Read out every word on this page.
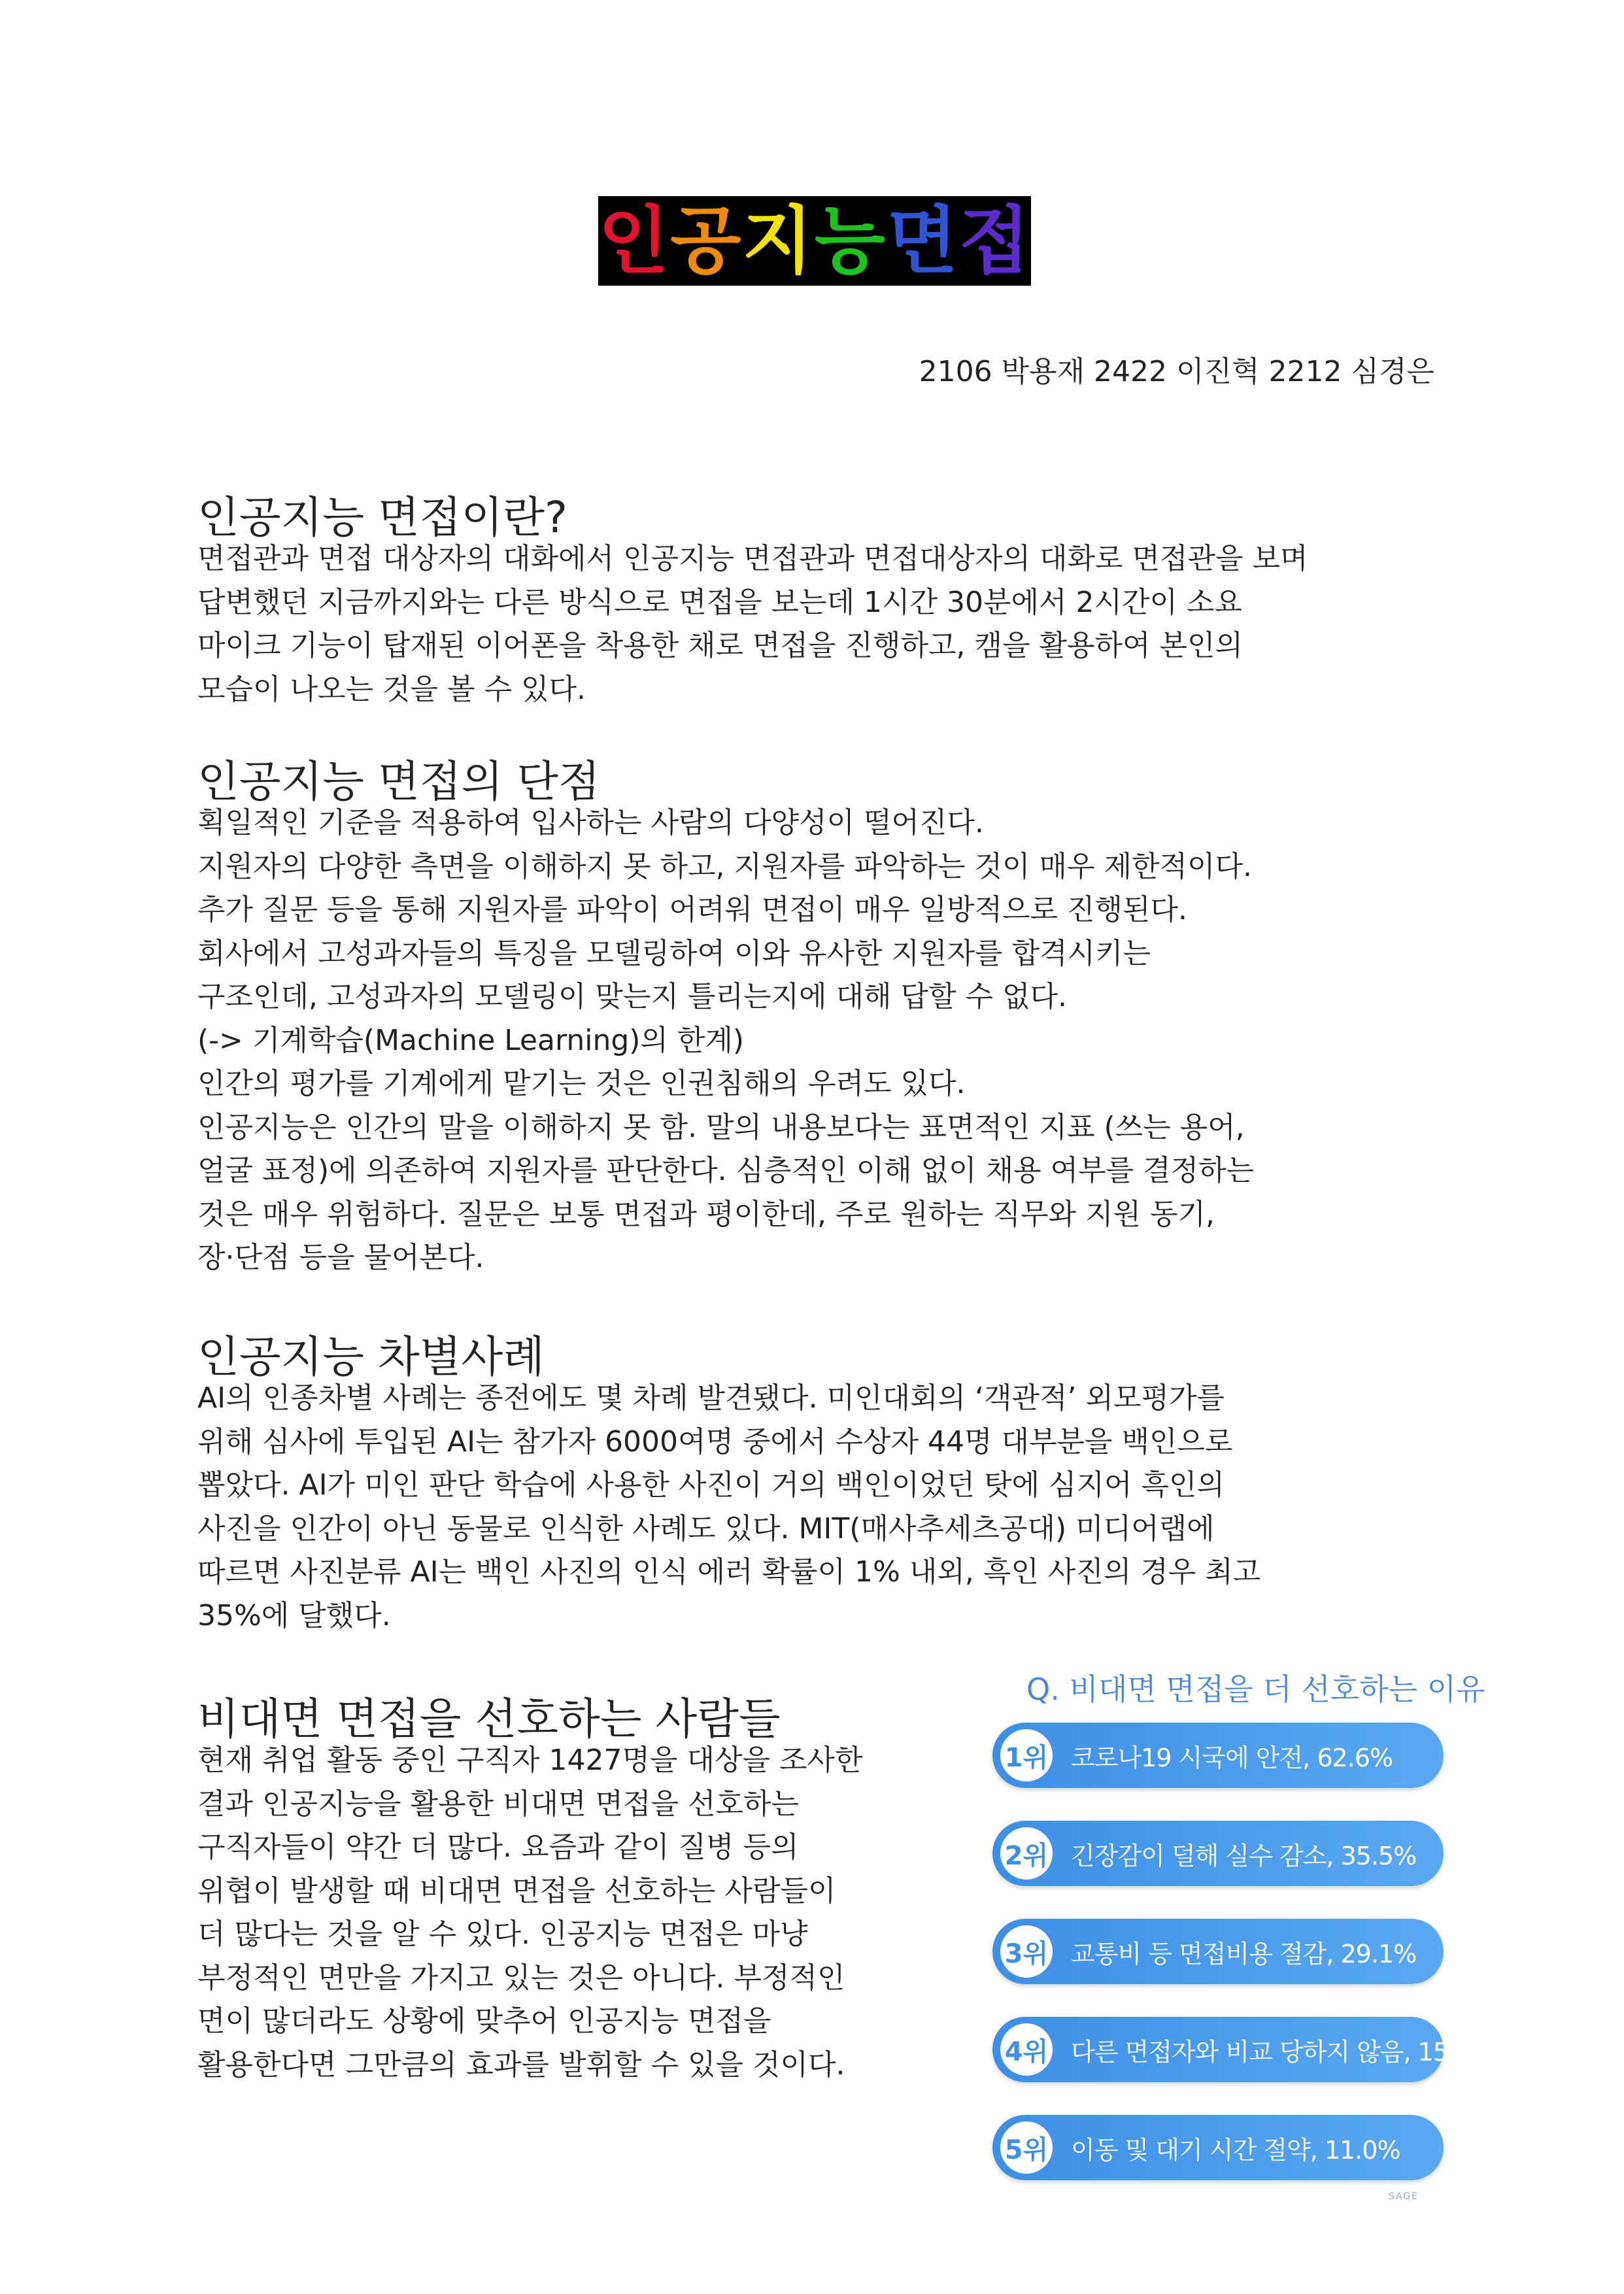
인 공 지 능 면 접
2106 박용재 2422 이진혁 2212 심경은
인공지능 면접이란?
면접관과 면접 대상자의 대화에서 인공지능 면접관과 면접대상자의 대화로 면접관을 보며
답변했던 지금까지와는 다른 방식으로 면접을 보는데 1시간 30분에서 2시간이 소요
마이크 기능이 탑재된 이어폰을 착용한 채로 면접을 진행하고, 캠을 활용하여 본인의
모습이 나오는 것을 볼 수 있다.
인공지능 면접의 단점
획일적인 기준을 적용하여 입사하는 사람의 다양성이 떨어진다.
지원자의 다양한 측면을 이해하지 못 하고, 지원자를 파악하는 것이 매우 제한적이다.
추가 질문 등을 통해 지원자를 파악이 어려워 면접이 매우 일방적으로 진행된다.
회사에서 고성과자들의 특징을 모델링하여 이와 유사한 지원자를 합격시키는
구조인데, 고성과자의 모델링이 맞는지 틀리는지에 대해 답할 수 없다.
(-> 기계학습(Machine Learning)의 한계)
인간의 평가를 기계에게 맡기는 것은 인권침해의 우려도 있다.
인공지능은 인간의 말을 이해하지 못 함. 말의 내용보다는 표면적인 지표 (쓰는 용어,
얼굴 표정)에 의존하여 지원자를 판단한다. 심층적인 이해 없이 채용 여부를 결정하는
것은 매우 위험하다. 질문은 보통 면접과 평이한데, 주로 원하는 직무와 지원 동기,
장·단점 등을 물어본다.
인공지능 차별사례
AI의 인종차별 사례는 종전에도 몇 차례 발견됐다. 미인대회의 ‘객관적’ 외모평가를
위해 심사에 투입된 AI는 참가자 6000여명 중에서 수상자 44명 대부분을 백인으로
뽑았다. AI가 미인 판단 학습에 사용한 사진이 거의 백인이었던 탓에 심지어 흑인의
사진을 인간이 아닌 동물로 인식한 사례도 있다. MIT(매사추세츠공대) 미디어랩에
따르면 사진분류 AI는 백인 사진의 인식 에러 확률이 1% 내외, 흑인 사진의 경우 최고
35%에 달했다.
비대면 면접을 선호하는 사람들
현재 취업 활동 중인 구직자 1427명을 대상을 조사한
결과 인공지능을 활용한 비대면 면접을 선호하는
구직자들이 약간 더 많다. 요즘과 같이 질병 등의
위협이 발생할 때 비대면 면접을 선호하는 사람들이
더 많다는 것을 알 수 있다. 인공지능 면접은 마냥
부정적인 면만을 가지고 있는 것은 아니다. 부정적인
면이 많더라도 상황에 맞추어 인공지능 면접을
활용한다면 그만큼의 효과를 발휘할 수 있을 것이다.
Q. 비대면 면접을 더 선호하는 이유
1위 코로나19 시국에 안전, 62.6%
2위 긴장감이 덜해 실수 감소, 35.5%
3위 교통비 등 면접비용 절감, 29.1%
4위 다른 면접자와 비교 당하지 않음, 15.4%
5위 이동 및 대기 시간 절약, 11.0%
SAGE
